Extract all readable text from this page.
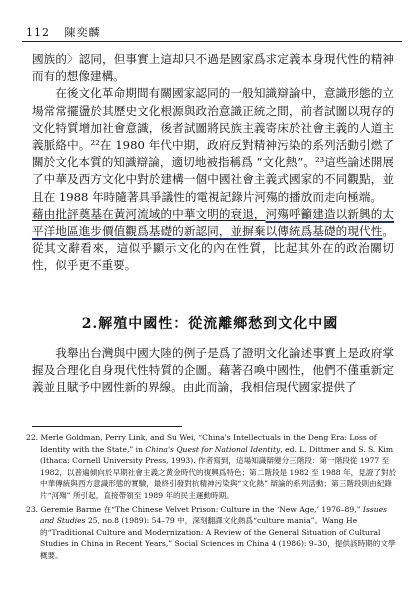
112 陳奕麟

國族的〉認同，但事實上這却只不過是國家爲求定義本身現代性的精神而有的想像建構。

在後文化革命期間有關國家認同的一般知識辯論中，意識形態的立場常常擺盪於其歷史文化根源與政治意識正統之間，前者試圖以現存的文化特質增加社會意識，後者試圖將民族主義寄床於社會主義的人道主義脈絡中。²²在 1980 年代中期，政府反對精神污染的系列活動引燃了關於文化本質的知識辯論，適切地被指稱爲 “文化熱”。²³這些論述開展了中華及西方文化中對於建構一個中國社會主義式國家的不同觀點，並且在 1988 年時隨著具爭議性的電視記錄片河殤的播放而走向極端。

藉由批評奠基在黃河流域的中華文明的衰退，河殤呼籲建造以新興的太平洋地區進步價值觀爲基礎的新認同，並摒棄以傳統爲基礎的現代性。從其文辭看來，這似乎顯示文化的內在性質，比起其外在的政治關切性，似乎更不重要。

2.解殖中國性：從流離鄉愁到文化中國

我舉出台灣與中國大陸的例子是爲了證明文化論述事實上是政府掌握及合理化自身現代性特質的企圖。藉著召喚中國性，他們不僅重新定義並且賦予中國性新的界線。由此而論，我相信現代國家提供了

22. Merle Goldman, Perry Link, and Su Wei, “China's Intellectuals in the Deng Era: Loss of Identity with the State,” in China's Quest for National Identity, ed. L. Dittmer and S. S. Kim (Ithaca: Cornell University Press, 1993). 作者寫到，這場知識辯變分三階段：第一階段從 1977 至 1982，以普遍傾向於早期社會主義之黄金時代的復興爲特色；第二階段是 1982 至 1988 年，見證了對於中華傳統與西方意識形態的實驗，最終引發對抗精神污染與“文化熱” 辯論的系列活動；第三階段則由紀錄片“河殤” 所引起，直接帶領至 1989 年的民主運動時期。
23. Geremie Barme 在“The Chinese Velvet Prison: Culture in the ‘New Age,’ 1976–89,” Issues and Studies 25, no.8 (1989): 54–79 中，深刻翻譯文化熱爲“culture mania”。Wang He 的“Traditional Culture and Modernization: A Review of the General Situation of Cultural Studies in China in Recent Years,” Social Sciences in China 4 (1986): 9–30，提供該時期的文學概要。
